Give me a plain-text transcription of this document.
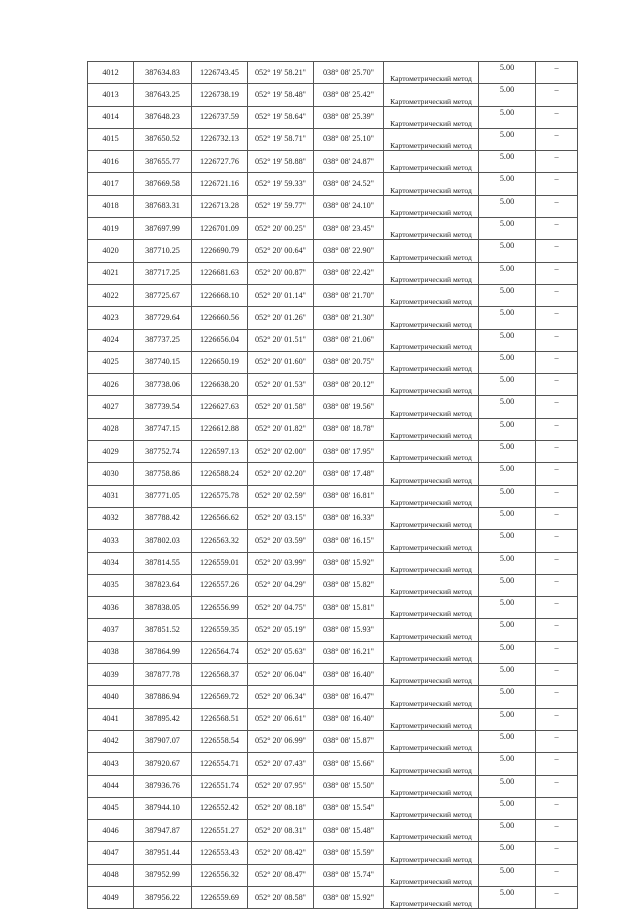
4012	387634.83	1226743.45	052° 19' 58.21"	038° 08' 25.70"	Картометрический метод	5.00	–
4013	387643.25	1226738.19	052° 19' 58.48"	038° 08' 25.42"	Картометрический метод	5.00	–
4014	387648.23	1226737.59	052° 19' 58.64"	038° 08' 25.39"	Картометрический метод	5.00	–
4015	387650.52	1226732.13	052° 19' 58.71"	038° 08' 25.10"	Картометрический метод	5.00	–
4016	387655.77	1226727.76	052° 19' 58.88"	038° 08' 24.87"	Картометрический метод	5.00	–
4017	387669.58	1226721.16	052° 19' 59.33"	038° 08' 24.52"	Картометрический метод	5.00	–
4018	387683.31	1226713.28	052° 19' 59.77"	038° 08' 24.10"	Картометрический метод	5.00	–
4019	387697.99	1226701.09	052° 20' 00.25"	038° 08' 23.45"	Картометрический метод	5.00	–
4020	387710.25	1226690.79	052° 20' 00.64"	038° 08' 22.90"	Картометрический метод	5.00	–
4021	387717.25	1226681.63	052° 20' 00.87"	038° 08' 22.42"	Картометрический метод	5.00	–
4022	387725.67	1226668.10	052° 20' 01.14"	038° 08' 21.70"	Картометрический метод	5.00	–
4023	387729.64	1226660.56	052° 20' 01.26"	038° 08' 21.30"	Картометрический метод	5.00	–
4024	387737.25	1226656.04	052° 20' 01.51"	038° 08' 21.06"	Картометрический метод	5.00	–
4025	387740.15	1226650.19	052° 20' 01.60"	038° 08' 20.75"	Картометрический метод	5.00	–
4026	387738.06	1226638.20	052° 20' 01.53"	038° 08' 20.12"	Картометрический метод	5.00	–
4027	387739.54	1226627.63	052° 20' 01.58"	038° 08' 19.56"	Картометрический метод	5.00	–
4028	387747.15	1226612.88	052° 20' 01.82"	038° 08' 18.78"	Картометрический метод	5.00	–
4029	387752.74	1226597.13	052° 20' 02.00"	038° 08' 17.95"	Картометрический метод	5.00	–
4030	387758.86	1226588.24	052° 20' 02.20"	038° 08' 17.48"	Картометрический метод	5.00	–
4031	387771.05	1226575.78	052° 20' 02.59"	038° 08' 16.81"	Картометрический метод	5.00	–
4032	387788.42	1226566.62	052° 20' 03.15"	038° 08' 16.33"	Картометрический метод	5.00	–
4033	387802.03	1226563.32	052° 20' 03.59"	038° 08' 16.15"	Картометрический метод	5.00	–
4034	387814.55	1226559.01	052° 20' 03.99"	038° 08' 15.92"	Картометрический метод	5.00	–
4035	387823.64	1226557.26	052° 20' 04.29"	038° 08' 15.82"	Картометрический метод	5.00	–
4036	387838.05	1226556.99	052° 20' 04.75"	038° 08' 15.81"	Картометрический метод	5.00	–
4037	387851.52	1226559.35	052° 20' 05.19"	038° 08' 15.93"	Картометрический метод	5.00	–
4038	387864.99	1226564.74	052° 20' 05.63"	038° 08' 16.21"	Картометрический метод	5.00	–
4039	387877.78	1226568.37	052° 20' 06.04"	038° 08' 16.40"	Картометрический метод	5.00	–
4040	387886.94	1226569.72	052° 20' 06.34"	038° 08' 16.47"	Картометрический метод	5.00	–
4041	387895.42	1226568.51	052° 20' 06.61"	038° 08' 16.40"	Картометрический метод	5.00	–
4042	387907.07	1226558.54	052° 20' 06.99"	038° 08' 15.87"	Картометрический метод	5.00	–
4043	387920.67	1226554.71	052° 20' 07.43"	038° 08' 15.66"	Картометрический метод	5.00	–
4044	387936.76	1226551.74	052° 20' 07.95"	038° 08' 15.50"	Картометрический метод	5.00	–
4045	387944.10	1226552.42	052° 20' 08.18"	038° 08' 15.54"	Картометрический метод	5.00	–
4046	387947.87	1226551.27	052° 20' 08.31"	038° 08' 15.48"	Картометрический метод	5.00	–
4047	387951.44	1226553.43	052° 20' 08.42"	038° 08' 15.59"	Картометрический метод	5.00	–
4048	387952.99	1226556.32	052° 20' 08.47"	038° 08' 15.74"	Картометрический метод	5.00	–
4049	387956.22	1226559.69	052° 20' 08.58"	038° 08' 15.92"	Картометрический метод	5.00	–
